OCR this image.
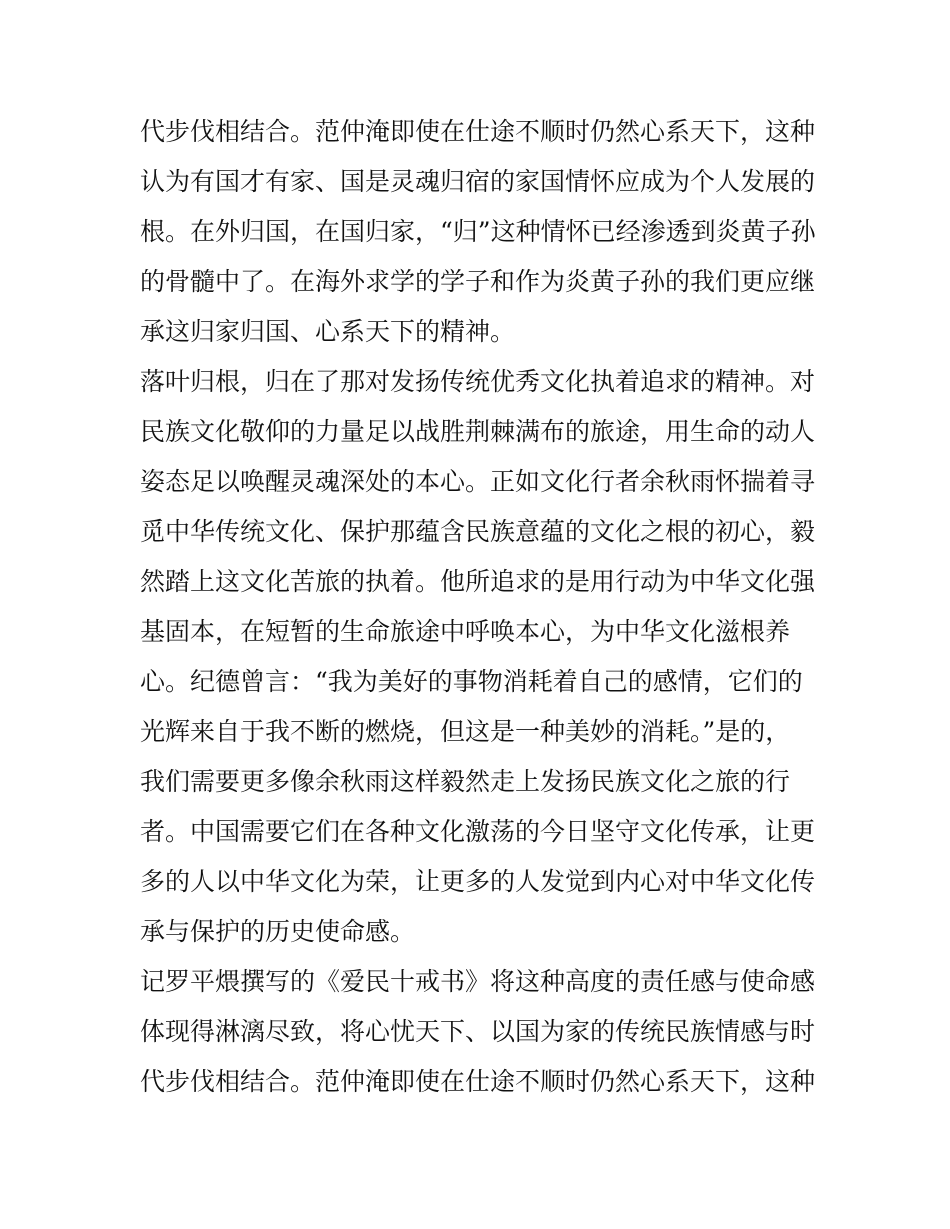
代步伐相结合。范仲淹即使在仕途不顺时仍然心系天下，这种
认为有国才有家、国是灵魂归宿的家国情怀应成为个人发展的
根。在外归国，在国归家，“归”这种情怀已经渗透到炎黄子孙
的骨髓中了。在海外求学的学子和作为炎黄子孙的我们更应继
承这归家归国、心系天下的精神。
落叶归根，归在了那对发扬传统优秀文化执着追求的精神。对
民族文化敬仰的力量足以战胜荆棘满布的旅途，用生命的动人
姿态足以唤醒灵魂深处的本心。正如文化行者余秋雨怀揣着寻
觅中华传统文化、保护那蕴含民族意蕴的文化之根的初心，毅
然踏上这文化苦旅的执着。他所追求的是用行动为中华文化强
基固本，在短暂的生命旅途中呼唤本心，为中华文化滋根养
心。纪德曾言：“我为美好的事物消耗着自己的感情，它们的
光辉来自于我不断的燃烧，但这是一种美妙的消耗。”是的，
我们需要更多像余秋雨这样毅然走上发扬民族文化之旅的行
者。中国需要它们在各种文化激荡的今日坚守文化传承，让更
多的人以中华文化为荣，让更多的人发觉到内心对中华文化传
承与保护的历史使命感。
记罗平煨撰写的《爱民十戒书》将这种高度的责任感与使命感
体现得淋漓尽致，将心忧天下、以国为家的传统民族情感与时
代步伐相结合。范仲淹即使在仕途不顺时仍然心系天下，这种
